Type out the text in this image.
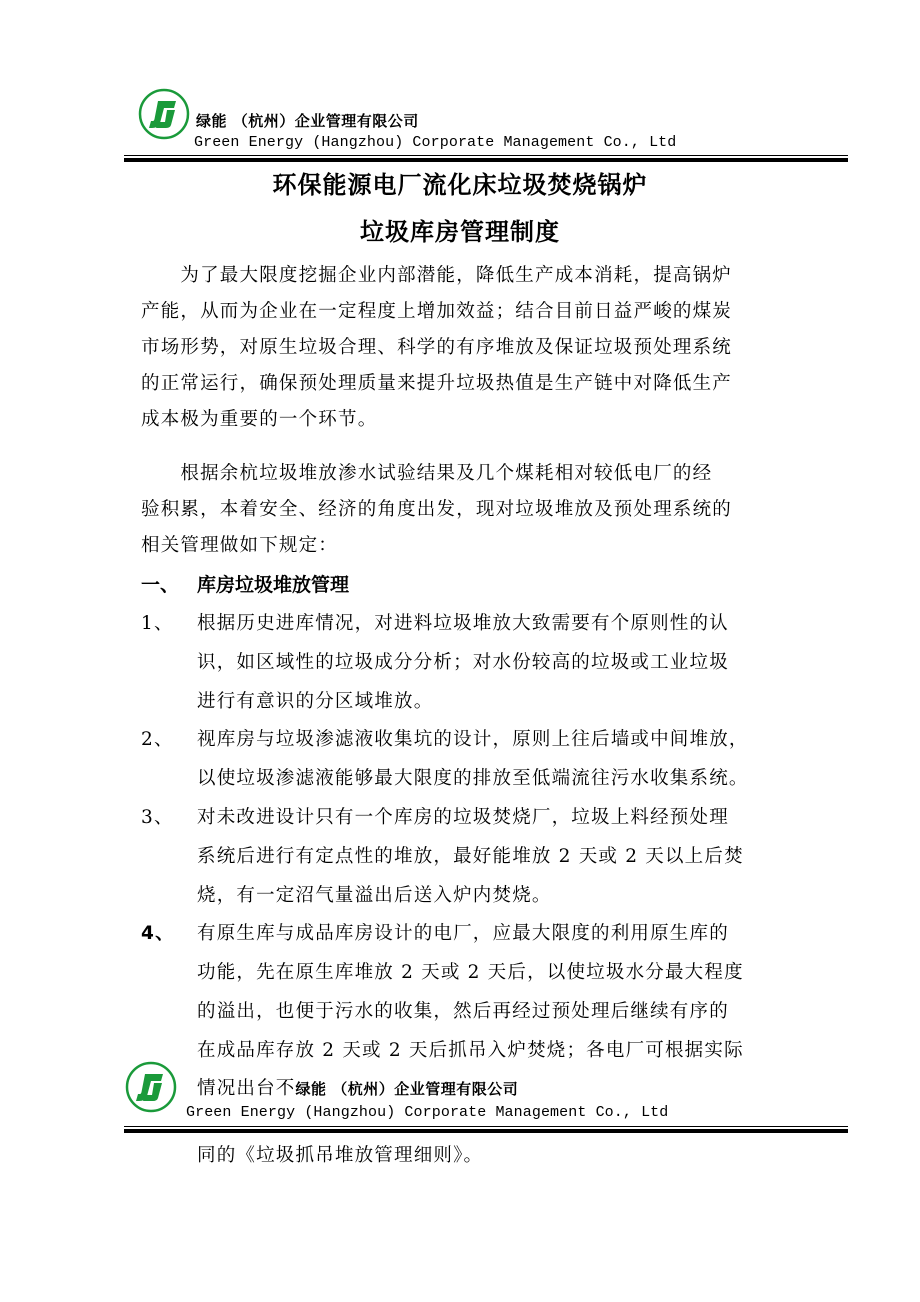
绿能 （杭州）企业管理有限公司
Green Energy (Hangzhou) Corporate Management Co., Ltd
环保能源电厂流化床垃圾焚烧锅炉
垃圾库房管理制度
　　为了最大限度挖掘企业内部潜能，降低生产成本消耗，提高锅炉
产能，从而为企业在一定程度上增加效益；结合目前日益严峻的煤炭
市场形势，对原生垃圾合理、科学的有序堆放及保证垃圾预处理系统
的正常运行，确保预处理质量来提升垃圾热值是生产链中对降低生产
成本极为重要的一个环节。
　　根据余杭垃圾堆放渗水试验结果及几个煤耗相对较低电厂的经
验积累，本着安全、经济的角度出发，现对垃圾堆放及预处理系统的
相关管理做如下规定：
一、 库房垃圾堆放管理
1、	根据历史进库情况，对进料垃圾堆放大致需要有个原则性的认
识，如区域性的垃圾成分分析；对水份较高的垃圾或工业垃圾
进行有意识的分区域堆放。
2、	视库房与垃圾渗滤液收集坑的设计，原则上往后墙或中间堆放，
以使垃圾渗滤液能够最大限度的排放至低端流往污水收集系统。
3、	对未改进设计只有一个库房的垃圾焚烧厂，垃圾上料经预处理
系统后进行有定点性的堆放，最好能堆放 2 天或 2 天以上后焚
烧，有一定沼气量溢出后送入炉内焚烧。
4、	有原生库与成品库房设计的电厂，应最大限度的利用原生库的
功能，先在原生库堆放 2 天或 2 天后，以使垃圾水分最大程度
的溢出，也便于污水的收集，然后再经过预处理后继续有序的
在成品库存放 2 天或 2 天后抓吊入炉焚烧；各电厂可根据实际
情况出台不绿能 （杭州）企业管理有限公司
Green Energy (Hangzhou) Corporate Management Co., Ltd
同的《垃圾抓吊堆放管理细则》。
